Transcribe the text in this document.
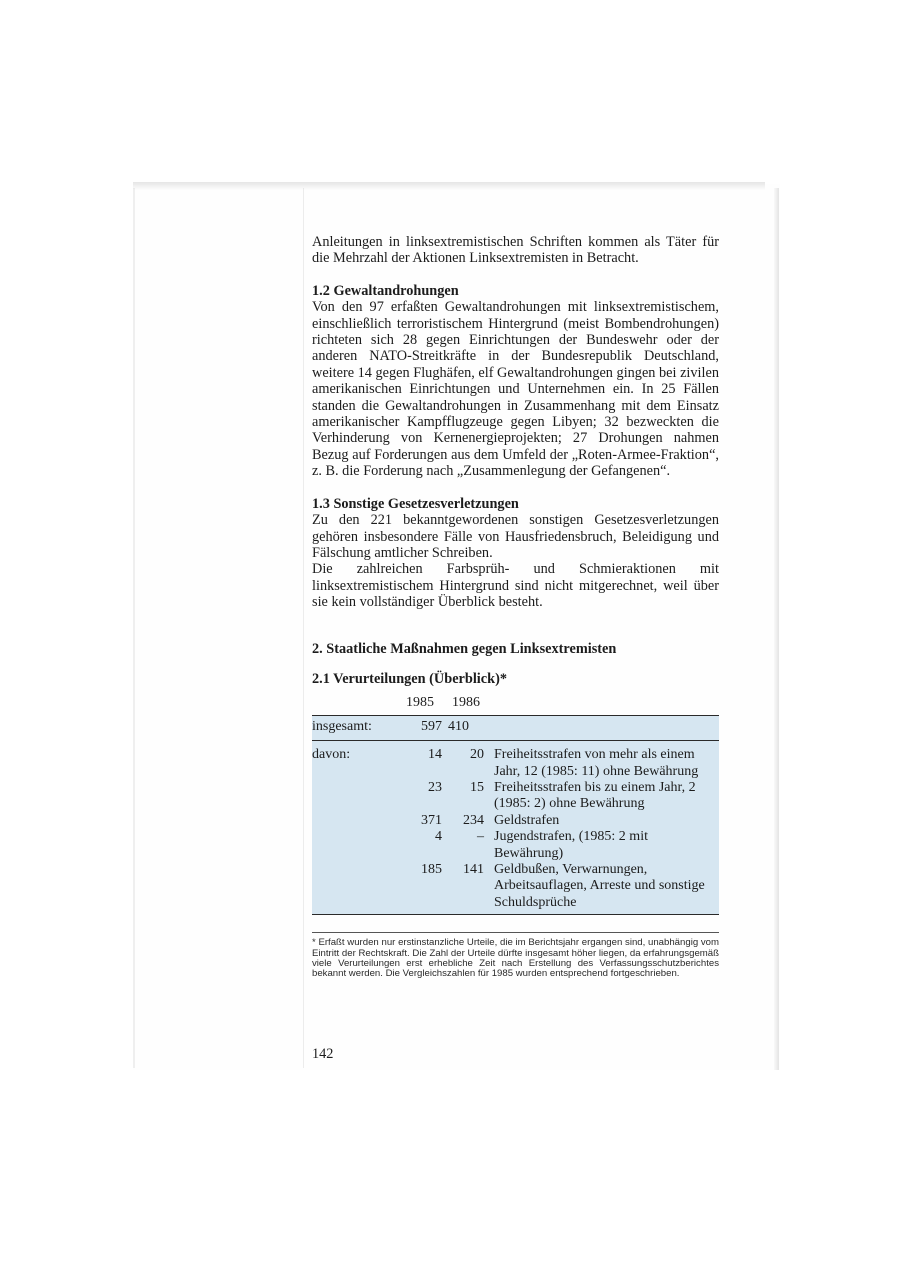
Anleitungen in linksextremistischen Schriften kommen als Täter für die Mehrzahl der Aktionen Linksextremisten in Betracht.

1.2 Gewaltandrohungen

Von den 97 erfaßten Gewaltandrohungen mit linksextremistischem, einschließlich terroristischem Hintergrund (meist Bombendrohungen) richteten sich 28 gegen Einrichtungen der Bundeswehr oder der anderen NATO-Streitkräfte in der Bundesrepublik Deutschland, weitere 14 gegen Flughäfen, elf Gewaltandrohungen gingen bei zivilen amerikanischen Einrichtungen und Unternehmen ein. In 25 Fällen standen die Gewaltandrohungen in Zusammenhang mit dem Einsatz amerikanischer Kampfflugzeuge gegen Libyen; 32 bezweckten die Verhinderung von Kernenergieprojekten; 27 Drohungen nahmen Bezug auf Forderungen aus dem Umfeld der „Roten-Armee-Fraktion“, z. B. die Forderung nach „Zusammenlegung der Gefangenen“.

1.3 Sonstige Gesetzesverletzungen

Zu den 221 bekanntgewordenen sonstigen Gesetzesverletzungen gehören insbesondere Fälle von Hausfriedensbruch, Beleidigung und Fälschung amtlicher Schreiben.

Die zahlreichen Farbsprüh- und Schmieraktionen mit linksextremistischem Hintergrund sind nicht mitgerechnet, weil über sie kein vollständiger Überblick besteht.

2. Staatliche Maßnahmen gegen Linksextremisten

2.1 Verurteilungen (Überblick)*

	1985	1986	
insgesamt:	597	410	
davon:	14	20	Freiheitsstrafen von mehr als einem Jahr, 12 (1985: 11) ohne Bewährung
	23	15	Freiheitsstrafen bis zu einem Jahr, 2 (1985: 2) ohne Bewährung
	371	234	Geldstrafen
	4	–	Jugendstrafen, (1985: 2 mit Bewährung)
	185	141	Geldbußen, Verwarnungen, Arbeitsauflagen, Arreste und sonstige Schuldsprüche

* Erfaßt wurden nur erstinstanzliche Urteile, die im Berichtsjahr ergangen sind, unabhängig vom Eintritt der Rechtskraft. Die Zahl der Urteile dürfte insgesamt höher liegen, da erfahrungsgemäß viele Verurteilungen erst erhebliche Zeit nach Erstellung des Verfassungsschutzberichtes bekannt werden. Die Vergleichszahlen für 1985 wurden entsprechend fortgeschrieben.

142
